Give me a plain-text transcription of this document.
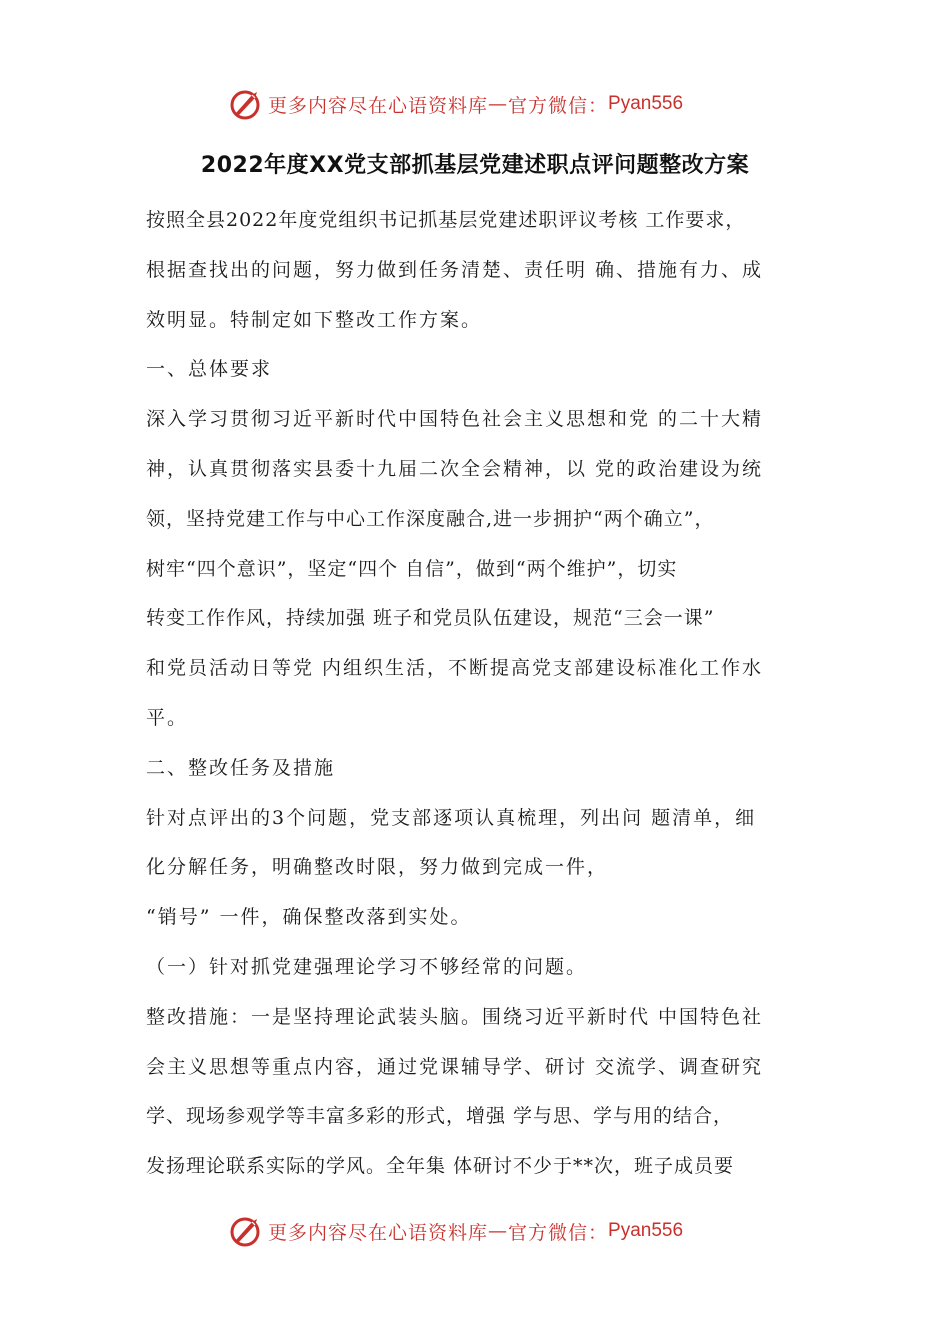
更多内容尽在心语资料库 — 官方微信： Pyan556
2022年度XX党支部抓基层党建述职点评问题整改方案
按照全县2022年度党组织书记抓基层党建述职评议考核 工作要求，
根据查找出的问题，努力做到任务清楚、责任明 确、措施有力、成
效明显。特制定如下整改工作方案。
一、总体要求
深入学习贯彻习近平新时代中国特色社会主义思想和党 的二十大精
神，认真贯彻落实县委十九届二次全会精神，以 党的政治建设为统
领，坚持党建工作与中心工作深度融合,进一步拥护“两个确立”，
树牢“四个意识”，坚定“四个 自信”，做到“两个维护”，切实
转变工作作风，持续加强 班子和党员队伍建设，规范“三会一课”
和党员活动日等党 内组织生活，不断提高党支部建设标准化工作水
平。
二、整改任务及措施
针对点评出的3个问题，党支部逐项认真梳理，列出问 题清单，细
化分解任务，明确整改时限，努力做到完成一件，
“销号” 一件，确保整改落到实处。
（一）针对抓党建强理论学习不够经常的问题。
整改措施：一是坚持理论武装头脑。围绕习近平新时代 中国特色社
会主义思想等重点内容，通过党课辅导学、研讨 交流学、调查研究
学、现场参观学等丰富多彩的形式，增强 学与思、学与用的结合，
发扬理论联系实际的学风。全年集 体研讨不少于**次，班子成员要
更多内容尽在心语资料库 — 官方微信： Pyan556
